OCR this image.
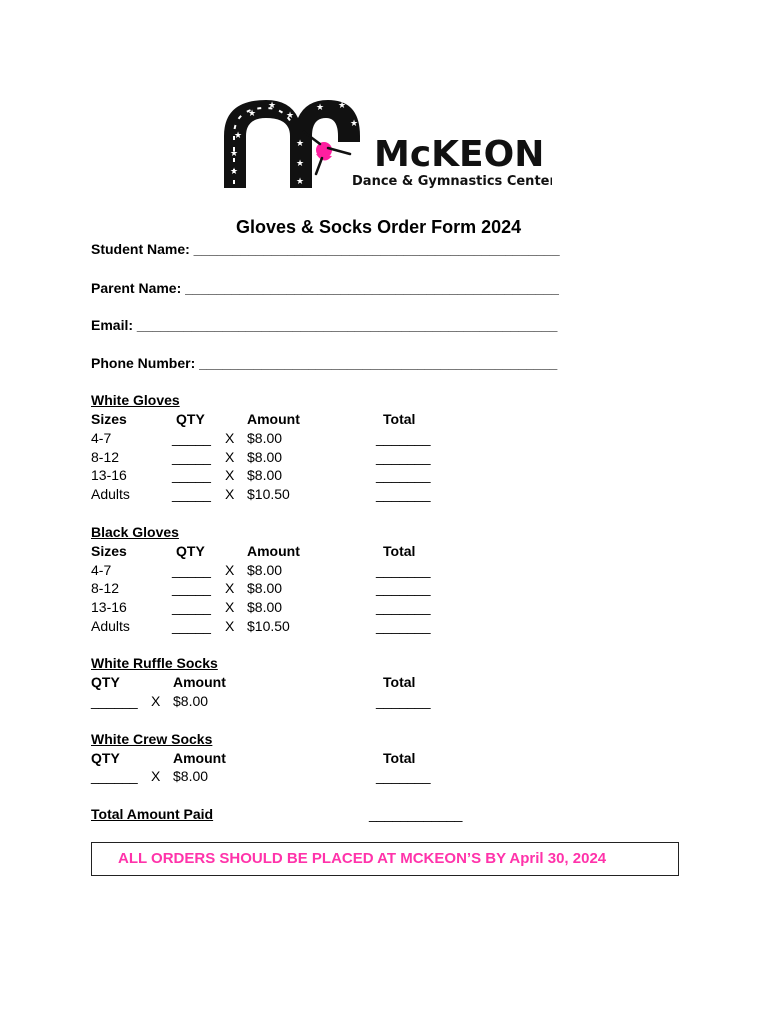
★
★
★
★
★
★
★ ★
★
★
★
★
McKEON
Dance & Gymnastics Center
Gloves & Socks Order Form 2024
Student Name: _______________________________________________
Parent Name: ________________________________________________
Email: ______________________________________________________
Phone Number: ______________________________________________
White Gloves
Sizes	QTY	Amount	Total
4-7	_____ X $8.00	_______
8-12	_____ X $8.00	_______
13-16	_____ X $8.00	_______
Adults	_____ X $10.50	_______
Black Gloves
Sizes	QTY	Amount	Total
4-7	_____ X $8.00	_______
8-12	_____ X $8.00	_______
13-16	_____ X $8.00	_______
Adults	_____ X $10.50	_______
White Ruffle Socks
QTY	Amount	Total
______ X $8.00	_______
White Crew Socks
QTY	Amount	Total
______ X $8.00	_______
Total Amount Paid	____________
ALL ORDERS SHOULD BE PLACED AT MCKEON’S BY April 30, 2024
